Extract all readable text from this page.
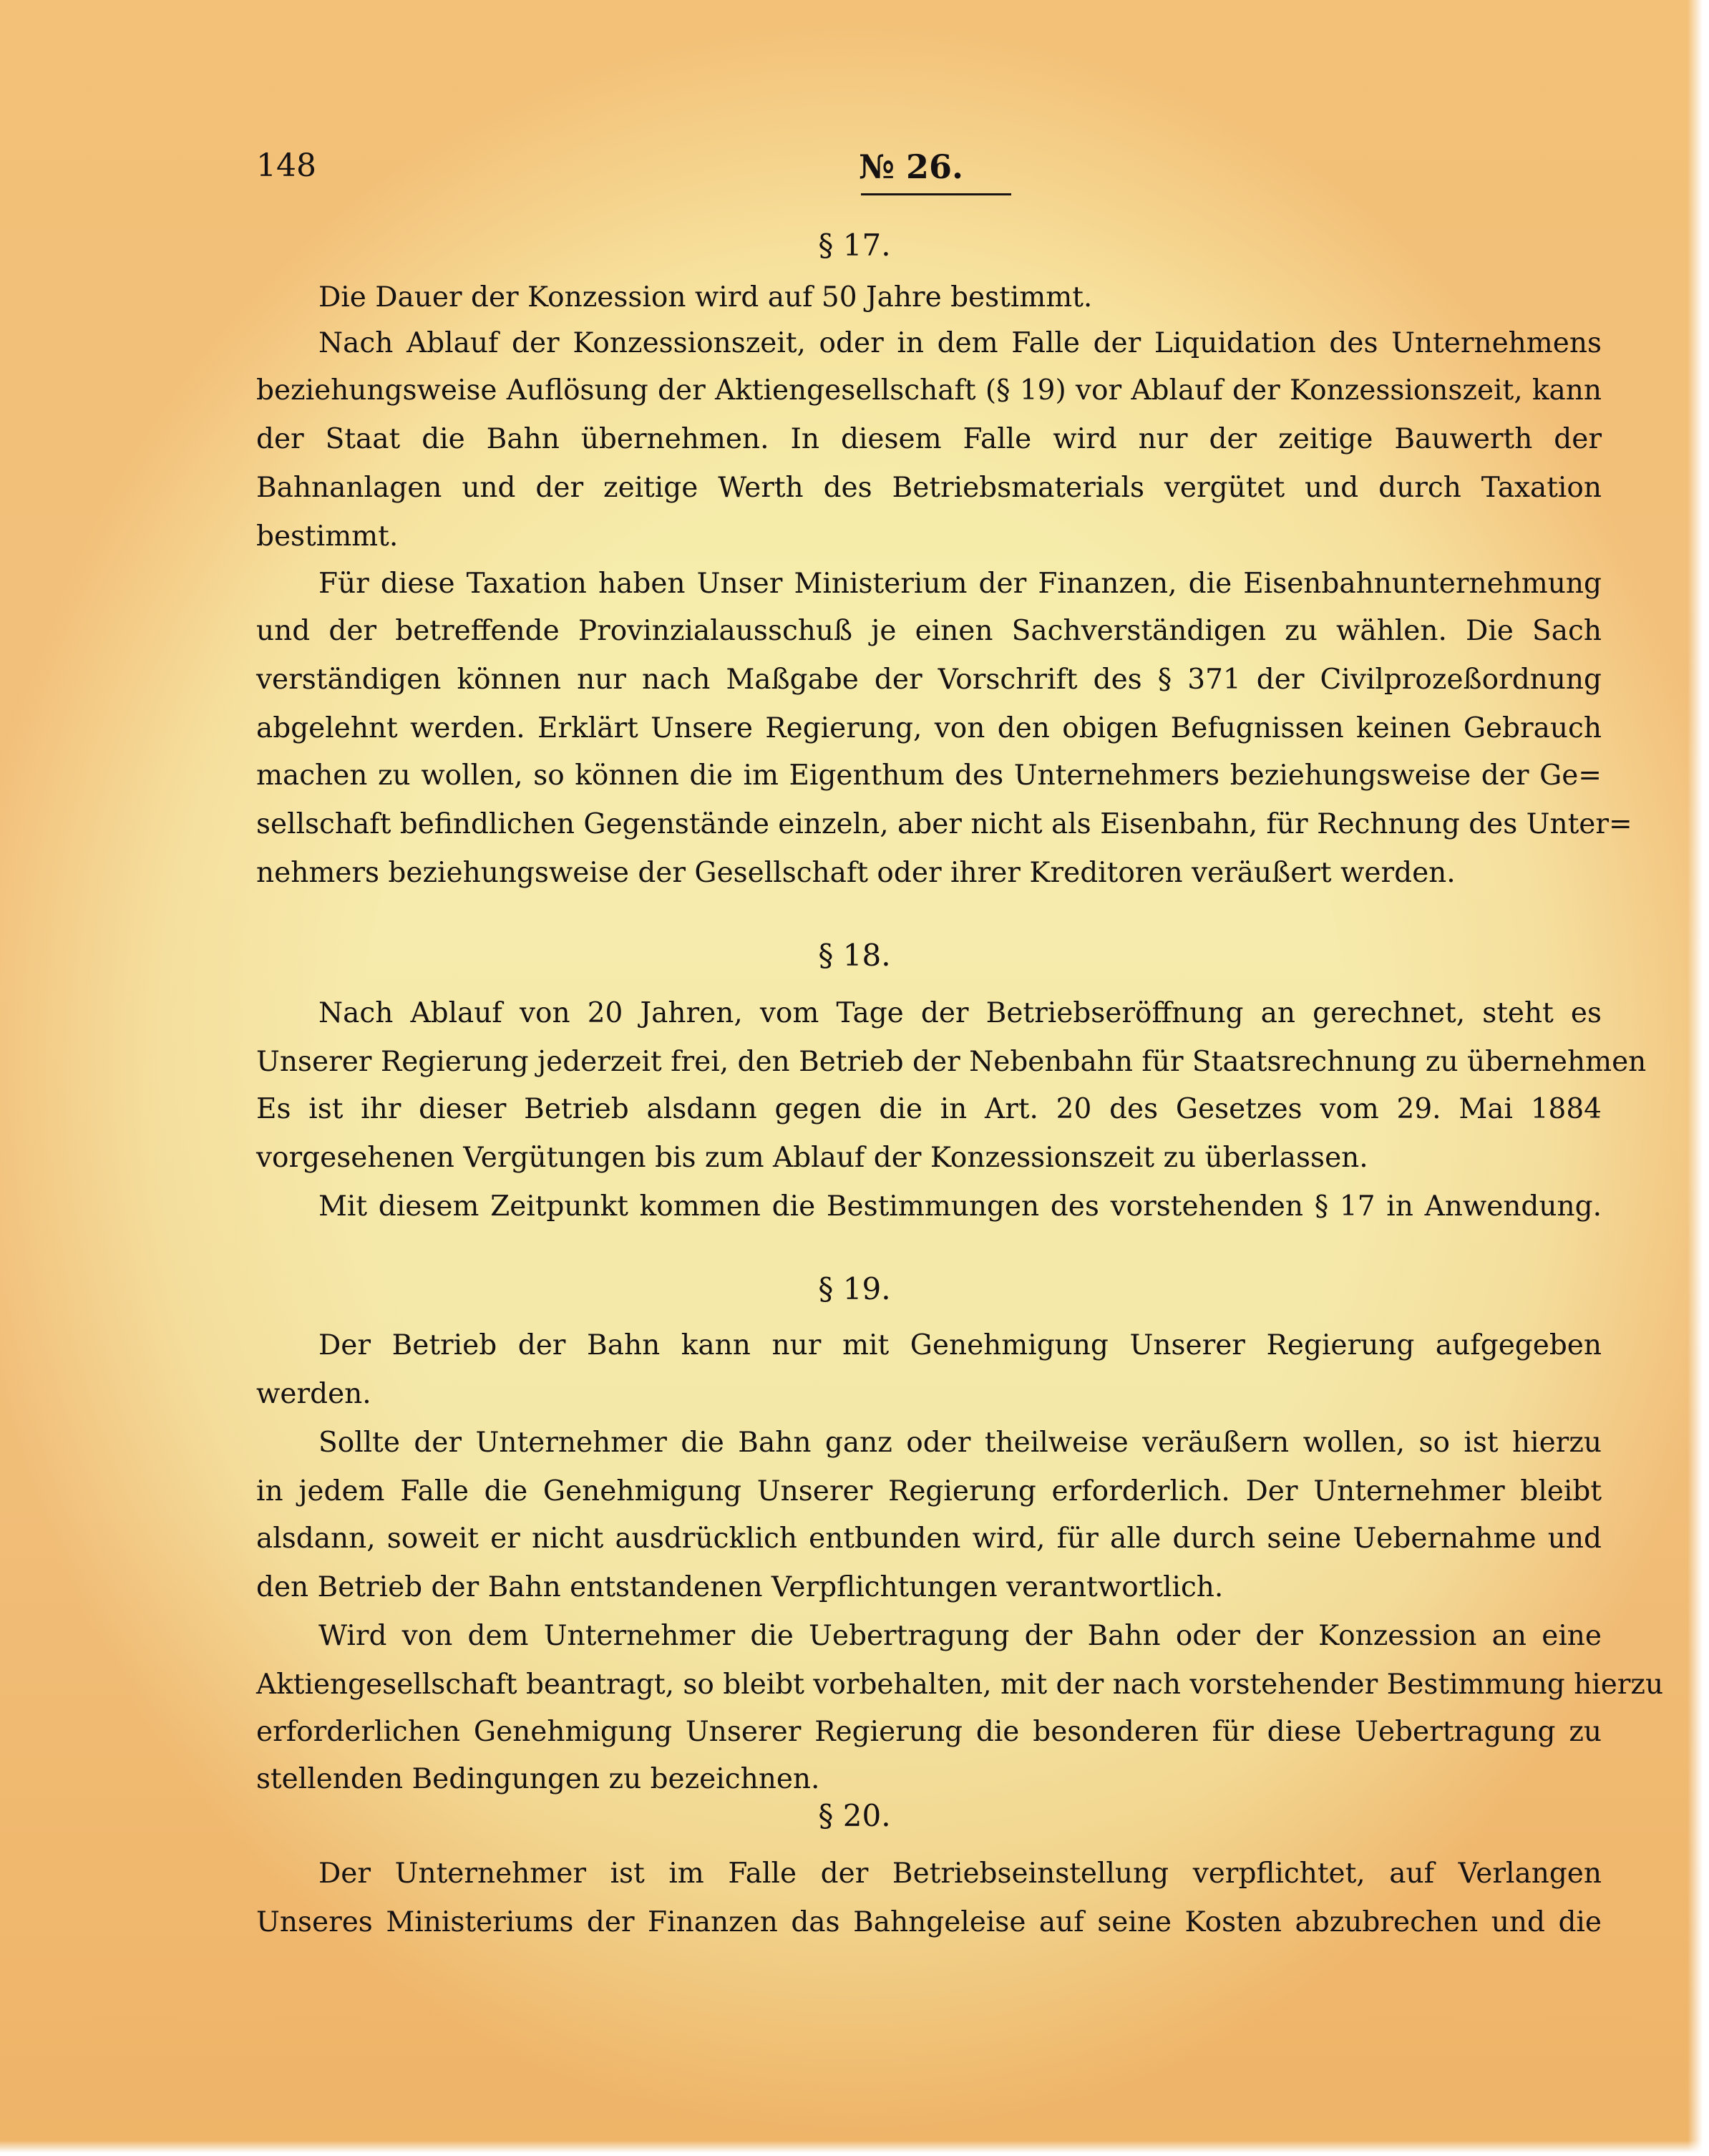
148	№ 26.
§ 17.
Die Dauer der Konzession wird auf 50 Jahre bestimmt.
Nach Ablauf der Konzessionszeit, oder in dem Falle der Liquidation des Unternehmens
beziehungsweise Auflösung der Aktiengesellschaft (§ 19) vor Ablauf der Konzessionszeit, kann
der Staat die Bahn übernehmen. In diesem Falle wird nur der zeitige Bauwerth der
Bahnanlagen und der zeitige Werth des Betriebsmaterials vergütet und durch Taxation
bestimmt.
Für diese Taxation haben Unser Ministerium der Finanzen, die Eisenbahnunternehmung
und der betreffende Provinzialausschuß je einen Sachverständigen zu wählen. Die Sach
verständigen können nur nach Maßgabe der Vorschrift des § 371 der Civilprozeßordnung
abgelehnt werden. Erklärt Unsere Regierung, von den obigen Befugnissen keinen Gebrauch
machen zu wollen, so können die im Eigenthum des Unternehmers beziehungsweise der Ge=
sellschaft befindlichen Gegenstände einzeln, aber nicht als Eisenbahn, für Rechnung des Unter=
nehmers beziehungsweise der Gesellschaft oder ihrer Kreditoren veräußert werden.
§ 18.
Nach Ablauf von 20 Jahren, vom Tage der Betriebseröffnung an gerechnet, steht es
Unserer Regierung jederzeit frei, den Betrieb der Nebenbahn für Staatsrechnung zu übernehmen
Es ist ihr dieser Betrieb alsdann gegen die in Art. 20 des Gesetzes vom 29. Mai 1884
vorgesehenen Vergütungen bis zum Ablauf der Konzessionszeit zu überlassen.
Mit diesem Zeitpunkt kommen die Bestimmungen des vorstehenden § 17 in Anwendung.
§ 19.
Der Betrieb der Bahn kann nur mit Genehmigung Unserer Regierung aufgegeben
werden.
Sollte der Unternehmer die Bahn ganz oder theilweise veräußern wollen, so ist hierzu
in jedem Falle die Genehmigung Unserer Regierung erforderlich. Der Unternehmer bleibt
alsdann, soweit er nicht ausdrücklich entbunden wird, für alle durch seine Uebernahme und
den Betrieb der Bahn entstandenen Verpflichtungen verantwortlich.
Wird von dem Unternehmer die Uebertragung der Bahn oder der Konzession an eine
Aktiengesellschaft beantragt, so bleibt vorbehalten, mit der nach vorstehender Bestimmung hierzu
erforderlichen Genehmigung Unserer Regierung die besonderen für diese Uebertragung zu
stellenden Bedingungen zu bezeichnen.
§ 20.
Der Unternehmer ist im Falle der Betriebseinstellung verpflichtet, auf Verlangen
Unseres Ministeriums der Finanzen das Bahngeleise auf seine Kosten abzubrechen und die
